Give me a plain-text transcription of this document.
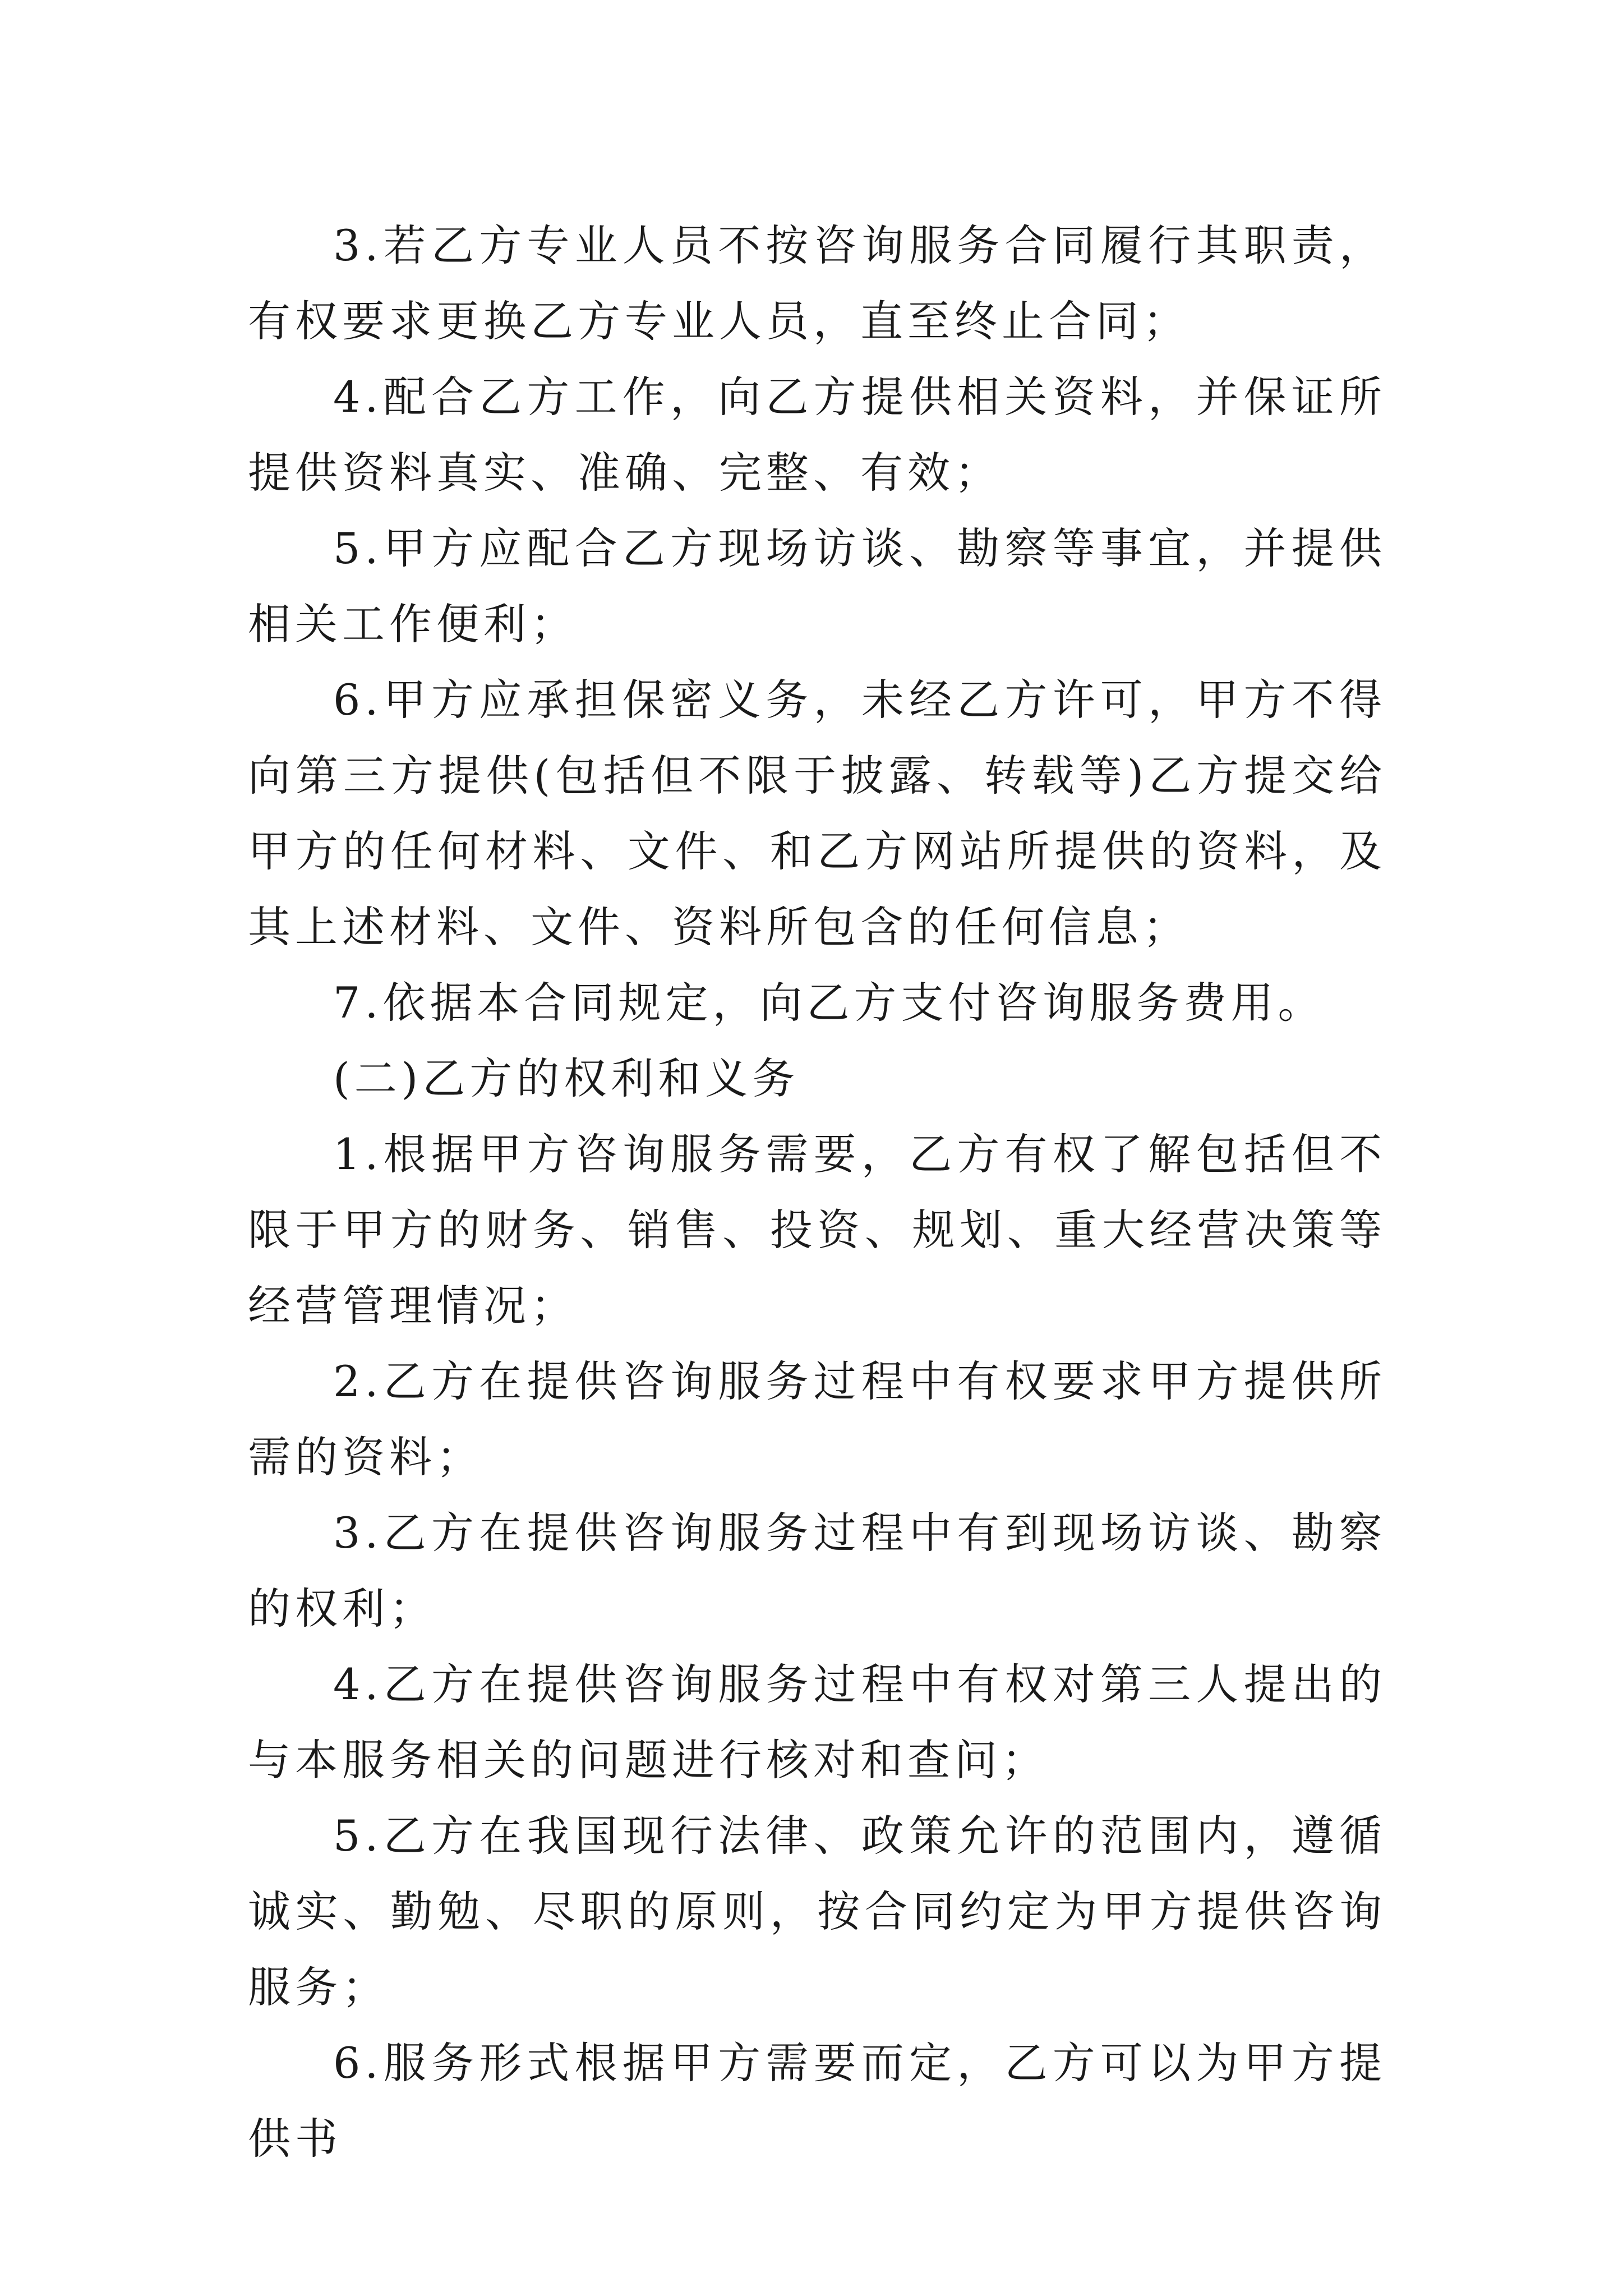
3.若乙方专业人员不按咨询服务合同履行其职责，有权要求更换乙方专业人员，直至终止合同；

4.配合乙方工作，向乙方提供相关资料，并保证所提供资料真实、准确、完整、有效；

5.甲方应配合乙方现场访谈、勘察等事宜，并提供相关工作便利；

6.甲方应承担保密义务，未经乙方许可，甲方不得向第三方提供(包括但不限于披露、转载等)乙方提交给甲方的任何材料、文件、和乙方网站所提供的资料，及其上述材料、文件、资料所包含的任何信息；

7.依据本合同规定，向乙方支付咨询服务费用。

(二)乙方的权利和义务

1.根据甲方咨询服务需要，乙方有权了解包括但不限于甲方的财务、销售、投资、规划、重大经营决策等经营管理情况；

2.乙方在提供咨询服务过程中有权要求甲方提供所需的资料；

3.乙方在提供咨询服务过程中有到现场访谈、勘察的权利；

4.乙方在提供咨询服务过程中有权对第三人提出的与本服务相关的问题进行核对和查问；

5.乙方在我国现行法律、政策允许的范围内，遵循诚实、勤勉、尽职的原则，按合同约定为甲方提供咨询服务；

6.服务形式根据甲方需要而定，乙方可以为甲方提供书
